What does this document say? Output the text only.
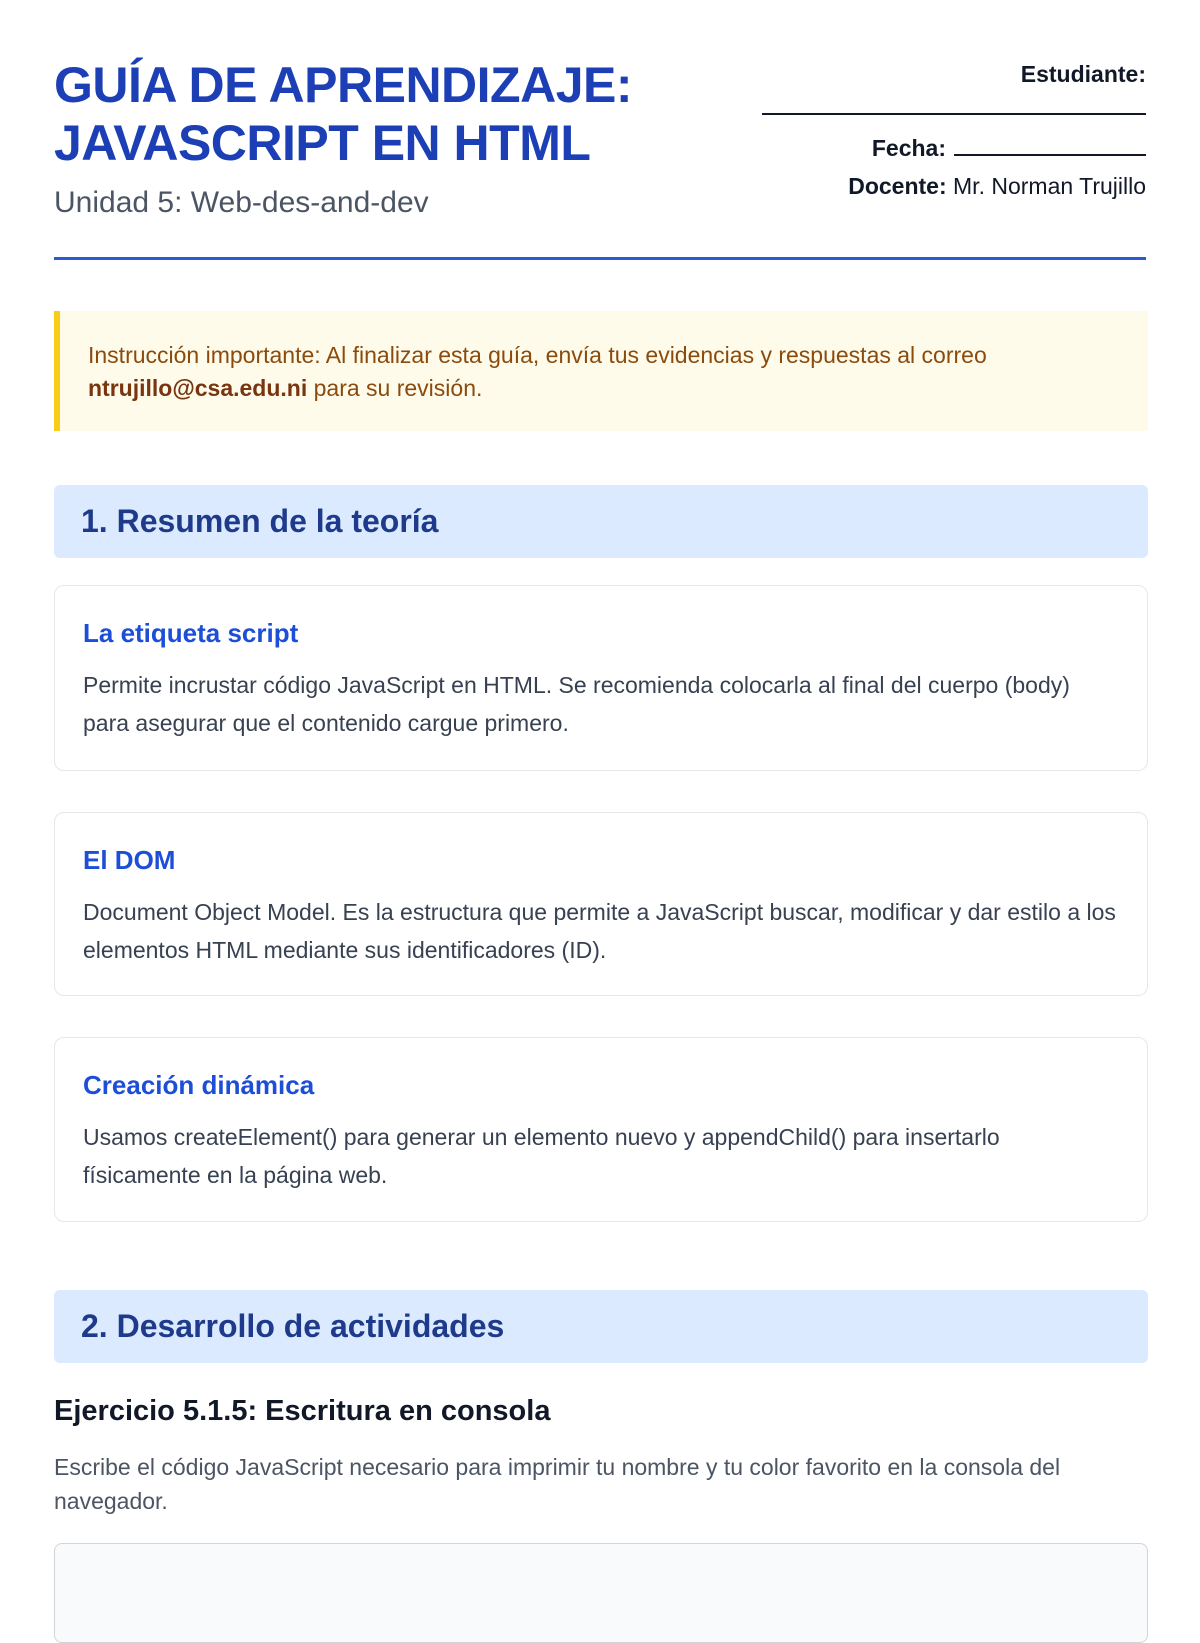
GUÍA DE APRENDIZAJE:
JAVASCRIPT EN HTML
Unidad 5: Web-des-and-dev
Estudiante:
Fecha:
Docente: Mr. Norman Trujillo
Instrucción importante: Al finalizar esta guía, envía tus evidencias y respuestas al correo
ntrujillo@csa.edu.ni para su revisión.
1. Resumen de la teoría
La etiqueta script

Permite incrustar código JavaScript en HTML. Se recomienda colocarla al final del cuerpo (body) para asegurar que el contenido cargue primero.

El DOM

Document Object Model. Es la estructura que permite a JavaScript buscar, modificar y dar estilo a los elementos HTML mediante sus identificadores (ID).

Creación dinámica

Usamos createElement() para generar un elemento nuevo y appendChild() para insertarlo físicamente en la página web.

2. Desarrollo de actividades
Ejercicio 5.1.5: Escritura en consola

Escribe el código JavaScript necesario para imprimir tu nombre y tu color favorito en la consola del navegador.
